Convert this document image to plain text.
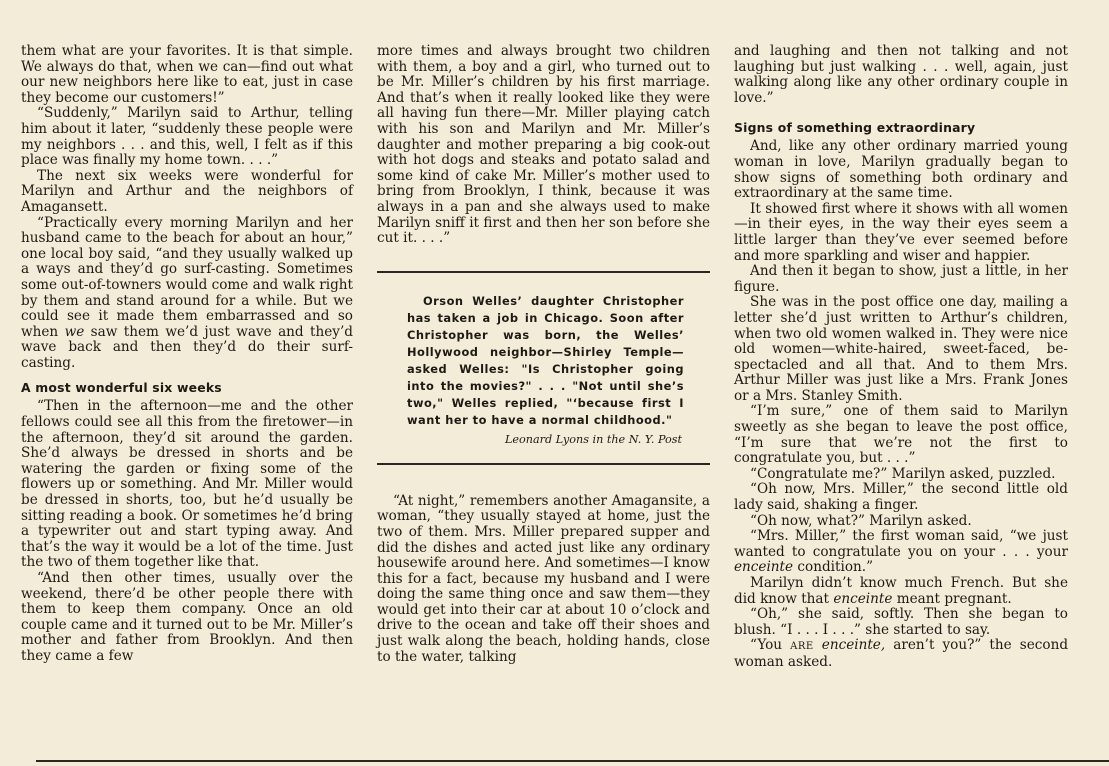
them what are your favorites. It is that simple. We always do that, when we can—find out what our new neighbors here like to eat, just in case they become our customers!”

“Suddenly,” Marilyn said to Arthur, telling him about it later, “suddenly these people were my neighbors . . . and this, well, I felt as if this place was finally my home town. . . .”

The next six weeks were wonderful for Marilyn and Arthur and the neighbors of Amagansett.

“Practically every morning Marilyn and her husband came to the beach for about an hour,” one local boy said, “and they usually walked up a ways and they’d go surf-casting. Sometimes some out-of-towners would come and walk right by them and stand around for a while. But we could see it made them embarrassed and so when we saw them we’d just wave and they’d wave back and then they’d do their surf-casting.

A most wonderful six weeks

“Then in the afternoon—me and the other fellows could see all this from the firetower—in the afternoon, they’d sit around the garden. She’d always be dressed in shorts and be watering the garden or fixing some of the flowers up or something. And Mr. Miller would be dressed in shorts, too, but he’d usually be sitting reading a book. Or sometimes he’d bring a typewriter out and start typing away. And that’s the way it would be a lot of the time. Just the two of them together like that.

“And then other times, usually over the weekend, there’d be other people there with them to keep them company. Once an old couple came and it turned out to be Mr. Miller’s mother and father from Brooklyn. And then they came a few

more times and always brought two children with them, a boy and a girl, who turned out to be Mr. Miller’s children by his first marriage. And that’s when it really looked like they were all having fun there—Mr. Miller playing catch with his son and Marilyn and Mr. Miller’s daughter and mother preparing a big cook-out with hot dogs and steaks and potato salad and some kind of cake Mr. Miller’s mother used to bring from Brooklyn, I think, because it was always in a pan and she always used to make Marilyn sniff it first and then her son before she cut it. . . .”

Orson Welles’ daughter Christopher has taken a job in Chicago. Soon after Christopher was born, the Welles’ Hollywood neighbor—Shirley Temple—asked Welles: "Is Christopher going into the movies?" . . . "Not until she’s two," Welles replied, "‘because first I want her to have a normal childhood."

Leonard Lyons in the N. Y. Post

“At night,” remembers another Amagansite, a woman, “they usually stayed at home, just the two of them. Mrs. Miller prepared supper and did the dishes and acted just like any ordinary housewife around here. And sometimes—I know this for a fact, because my husband and I were doing the same thing once and saw them—they would get into their car at about 10 o’clock and drive to the ocean and take off their shoes and just walk along the beach, holding hands, close to the water, talking

and laughing and then not talking and not laughing but just walking . . . well, again, just walking along like any other ordinary couple in love.”

Signs of something extraordinary

And, like any other ordinary married young woman in love, Marilyn gradually began to show signs of something both ordinary and extraordinary at the same time.

It showed first where it shows with all women—in their eyes, in the way their eyes seem a little larger than they’ve ever seemed before and more sparkling and wiser and happier.

And then it began to show, just a little, in her figure.

She was in the post office one day, mailing a letter she’d just written to Arthur’s children, when two old women walked in. They were nice old women—white-haired, sweet-faced, be-spectacled and all that. And to them Mrs. Arthur Miller was just like a Mrs. Frank Jones or a Mrs. Stanley Smith.

“I’m sure,” one of them said to Marilyn sweetly as she began to leave the post office, “I’m sure that we’re not the first to congratulate you, but . . .”

“Congratulate me?” Marilyn asked, puzzled.

“Oh now, Mrs. Miller,” the second little old lady said, shaking a finger.

“Oh now, what?” Marilyn asked.

“Mrs. Miller,” the first woman said, “we just wanted to congratulate you on your . . . your enceinte condition.”

Marilyn didn’t know much French. But she did know that enceinte meant pregnant.

“Oh,” she said, softly. Then she began to blush. “I . . . I . . .” she started to say.

“You ARE enceinte, aren’t you?” the second woman asked.
